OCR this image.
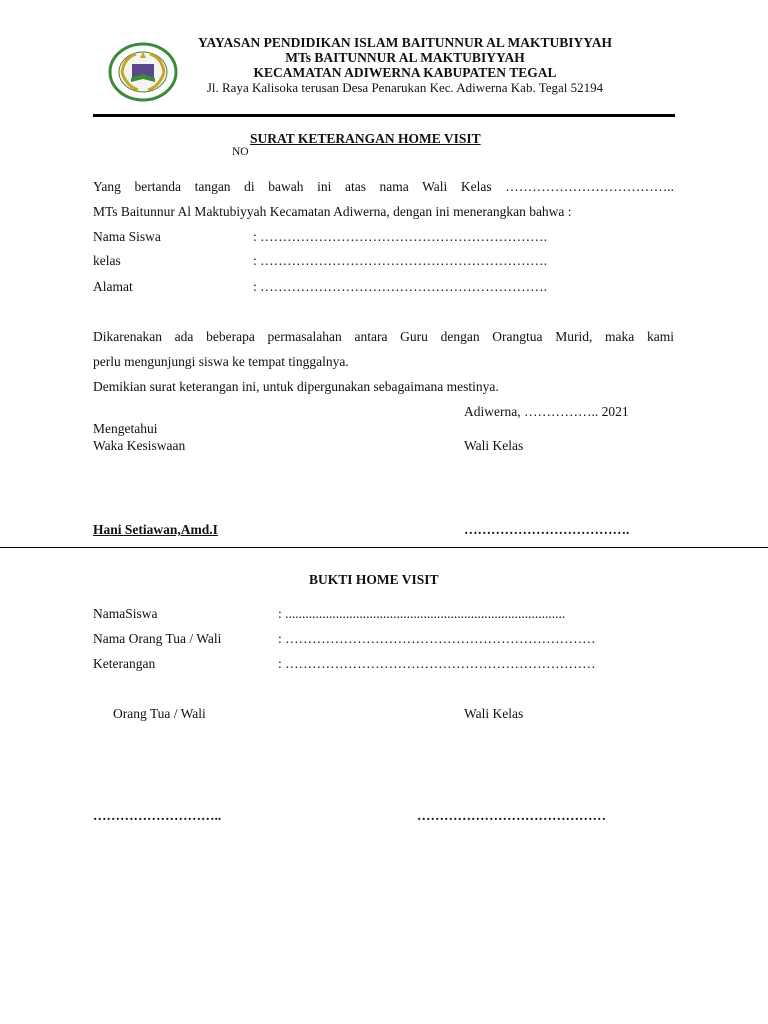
YAYASAN PENDIDIKAN ISLAM BAITUNNUR AL MAKTUBIYYAH
MTs BAITUNNUR AL MAKTUBIYYAH
KECAMATAN ADIWERNA KABUPATEN TEGAL
Jl. Raya Kalisoka terusan Desa Penarukan Kec. Adiwerna Kab. Tegal 52194
SURAT KETERANGAN HOME VISIT
NO
Yang bertanda tangan di bawah ini atas nama Wali Kelas ………………………………..
MTs Baitunnur Al Maktubiyyah Kecamatan Adiwerna, dengan ini menerangkan bahwa :
Nama Siswa	: ……………………………………………………….
kelas	: ……………………………………………………….
Alamat	: ……………………………………………………….
Dikarenakan ada beberapa permasalahan antara Guru dengan Orangtua Murid, maka kami
perlu mengunjungi siswa ke tempat tinggalnya.
Demikian surat keterangan ini, untuk dipergunakan sebagaimana mestinya.
Adiwerna, …………….. 2021
Mengetahui
Waka Kesiswaan	Wali Kelas
Hani Setiawan,Amd.I	……………………………….
BUKTI HOME VISIT
NamaSiswa	: ...................................................................................
Nama Orang Tua / Wali	: ……………………………………………………………
Keterangan	: ……………………………………………………………
Orang Tua / Wali	Wali Kelas
………………………..	……………………………………
